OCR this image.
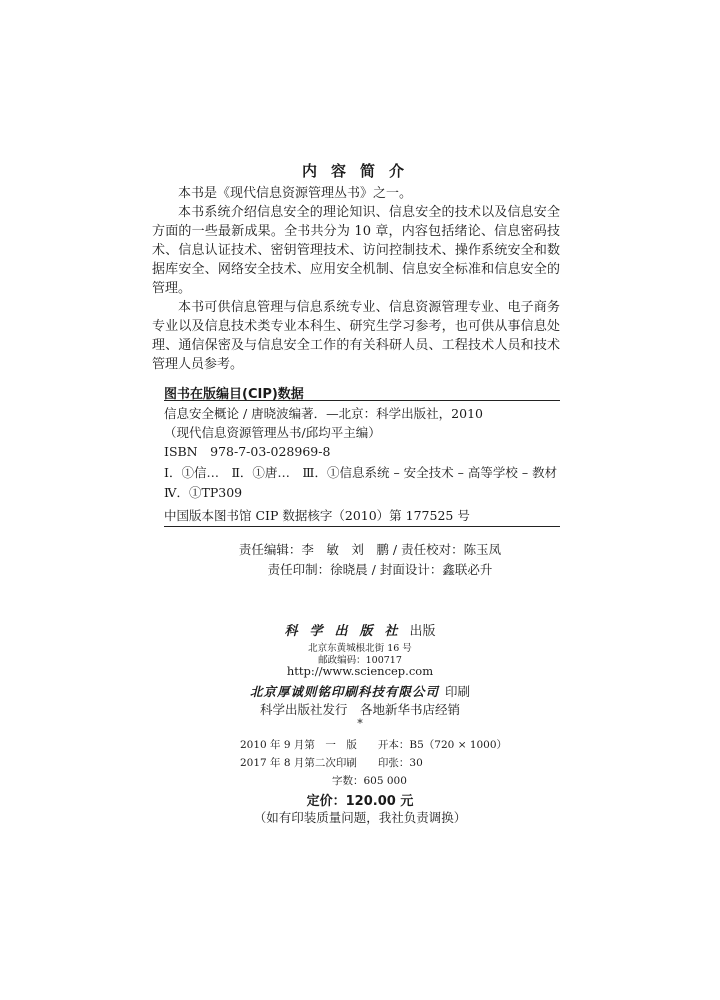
内容简介

本书是《现代信息资源管理丛书》之一。

本书系统介绍信息安全的理论知识、信息安全的技术以及信息安全方面的一些最新成果。全书共分为 10 章，内容包括绪论、信息密码技术、信息认证技术、密钥管理技术、访问控制技术、操作系统安全和数据库安全、网络安全技术、应用安全机制、信息安全标准和信息安全的管理。

本书可供信息管理与信息系统专业、信息资源管理专业、电子商务专业以及信息技术类专业本科生、研究生学习参考，也可供从事信息处理、通信保密及与信息安全工作的有关科研人员、工程技术人员和技术管理人员参考。

图书在版编目(CIP)数据
信息安全概论 / 唐晓波编著．—北京：科学出版社，2010
（现代信息资源管理丛书/邱均平主编）
ISBN　978-7-03-028969-8
Ⅰ．①信…　Ⅱ．①唐…　Ⅲ．①信息系统 – 安全技术 – 高等学校 – 教材
Ⅳ．①TP309
中国版本图书馆 CIP 数据核字（2010）第 177525 号
责任编辑：李　敏　刘　鹏 / 责任校对：陈玉凤
责任印制：徐晓晨 / 封面设计：鑫联必升
科学出版社出版
北京东黄城根北街 16 号
邮政编码：100717
http://www.sciencep.com
北京厚诚则铭印刷科技有限公司 印刷
科学出版社发行　各地新华书店经销
*
2010 年 9 月第　一　版　　开本：B5（720 × 1000）
2017 年 8 月第二次印刷　　印张：30
字数：605 000
定价：120.00 元
（如有印装质量问题，我社负责调换）
